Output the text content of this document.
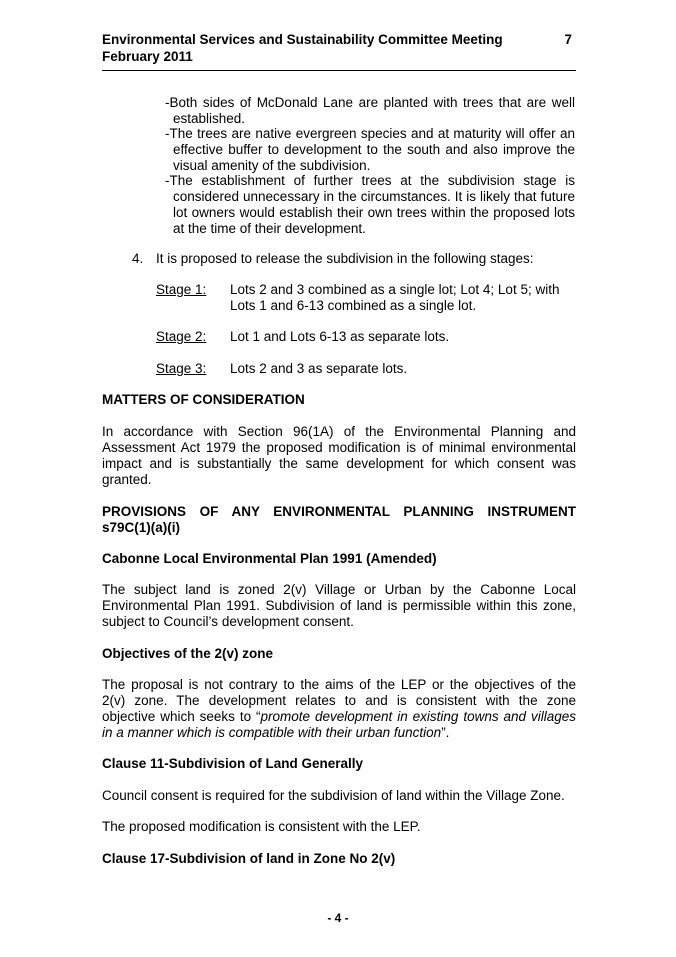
Environmental Services and Sustainability Committee Meeting	7
February 2011
-Both sides of McDonald Lane are planted with trees that are well
established.
-The trees are native evergreen species and at maturity will offer an
effective buffer to development to the south and also improve the visual amenity of the subdivision.
-The establishment of further trees at the subdivision stage is
considered unnecessary in the circumstances. It is likely that future lot owners would establish their own trees within the proposed lots at the time of their development.
4. It is proposed to release the subdivision in the following stages:
Stage 1: Lots 2 and 3 combined as a single lot; Lot 4; Lot 5; with Lots 1 and 6-13 combined as a single lot.
Stage 2: Lot 1 and Lots 6-13 as separate lots.
Stage 3: Lots 2 and 3 as separate lots.
MATTERS OF CONSIDERATION
In accordance with Section 96(1A) of the Environmental Planning and
Assessment Act 1979 the proposed modification is of minimal environmental
impact and is substantially the same development for which consent was
granted.
PROVISIONS OF ANY ENVIRONMENTAL PLANNING INSTRUMENT
s79C(1)(a)(i)
Cabonne Local Environmental Plan 1991 (Amended)
The subject land is zoned 2(v) Village or Urban by the Cabonne Local
Environmental Plan 1991. Subdivision of land is permissible within this zone,
subject to Council’s development consent.
Objectives of the 2(v) zone
The proposal is not contrary to the aims of the LEP or the objectives of the
2(v) zone. The development relates to and is consistent with the zone
objective which seeks to “promote development in existing towns and villages
in a manner which is compatible with their urban function”.
Clause 11-Subdivision of Land Generally
Council consent is required for the subdivision of land within the Village Zone.
The proposed modification is consistent with the LEP.
Clause 17-Subdivision of land in Zone No 2(v)
- 4 -
